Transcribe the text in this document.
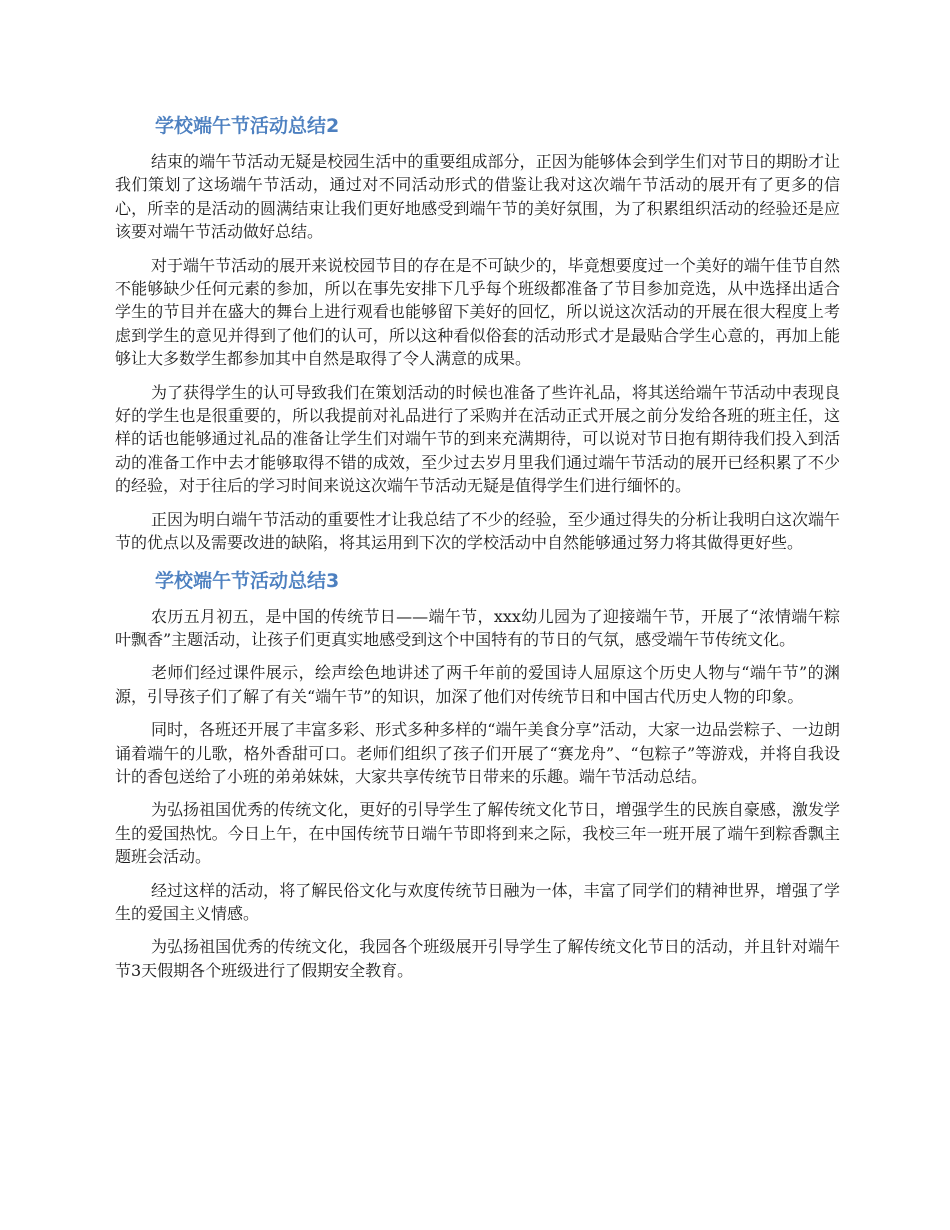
学校端午节活动总结2

结束的端午节活动无疑是校园生活中的重要组成部分，正因为能够体会到学生们对节日的期盼才让我们策划了这场端午节活动，通过对不同活动形式的借鉴让我对这次端午节活动的展开有了更多的信心，所幸的是活动的圆满结束让我们更好地感受到端午节的美好氛围，为了积累组织活动的经验还是应该要对端午节活动做好总结。

对于端午节活动的展开来说校园节目的存在是不可缺少的，毕竟想要度过一个美好的端午佳节自然不能够缺少任何元素的参加，所以在事先安排下几乎每个班级都准备了节目参加竞选，从中选择出适合学生的节目并在盛大的舞台上进行观看也能够留下美好的回忆，所以说这次活动的开展在很大程度上考虑到学生的意见并得到了他们的认可，所以这种看似俗套的活动形式才是最贴合学生心意的，再加上能够让大多数学生都参加其中自然是取得了令人满意的成果。

为了获得学生的认可导致我们在策划活动的时候也准备了些许礼品，将其送给端午节活动中表现良好的学生也是很重要的，所以我提前对礼品进行了采购并在活动正式开展之前分发给各班的班主任，这样的话也能够通过礼品的准备让学生们对端午节的到来充满期待，可以说对节日抱有期待我们投入到活动的准备工作中去才能够取得不错的成效，至少过去岁月里我们通过端午节活动的展开已经积累了不少的经验，对于往后的学习时间来说这次端午节活动无疑是值得学生们进行缅怀的。

正因为明白端午节活动的重要性才让我总结了不少的经验，至少通过得失的分析让我明白这次端午节的优点以及需要改进的缺陷，将其运用到下次的学校活动中自然能够通过努力将其做得更好些。

学校端午节活动总结3

农历五月初五，是中国的传统节日——端午节，xxx幼儿园为了迎接端午节，开展了“浓情端午粽叶飘香”主题活动，让孩子们更真实地感受到这个中国特有的节日的气氛，感受端午节传统文化。

老师们经过课件展示，绘声绘色地讲述了两千年前的爱国诗人屈原这个历史人物与“端午节”的渊源，引导孩子们了解了有关“端午节”的知识，加深了他们对传统节日和中国古代历史人物的印象。

同时，各班还开展了丰富多彩、形式多种多样的“端午美食分享”活动，大家一边品尝粽子、一边朗诵着端午的儿歌，格外香甜可口。老师们组织了孩子们开展了“赛龙舟”、“包粽子”等游戏，并将自我设计的香包送给了小班的弟弟妹妹，大家共享传统节日带来的乐趣。端午节活动总结。

为弘扬祖国优秀的传统文化，更好的引导学生了解传统文化节日，增强学生的民族自豪感，激发学生的爱国热忱。今日上午，在中国传统节日端午节即将到来之际，我校三年一班开展了端午到粽香飘主题班会活动。

经过这样的活动，将了解民俗文化与欢度传统节日融为一体，丰富了同学们的精神世界，增强了学生的爱国主义情感。

为弘扬祖国优秀的传统文化，我园各个班级展开引导学生了解传统文化节日的活动，并且针对端午节3天假期各个班级进行了假期安全教育。
